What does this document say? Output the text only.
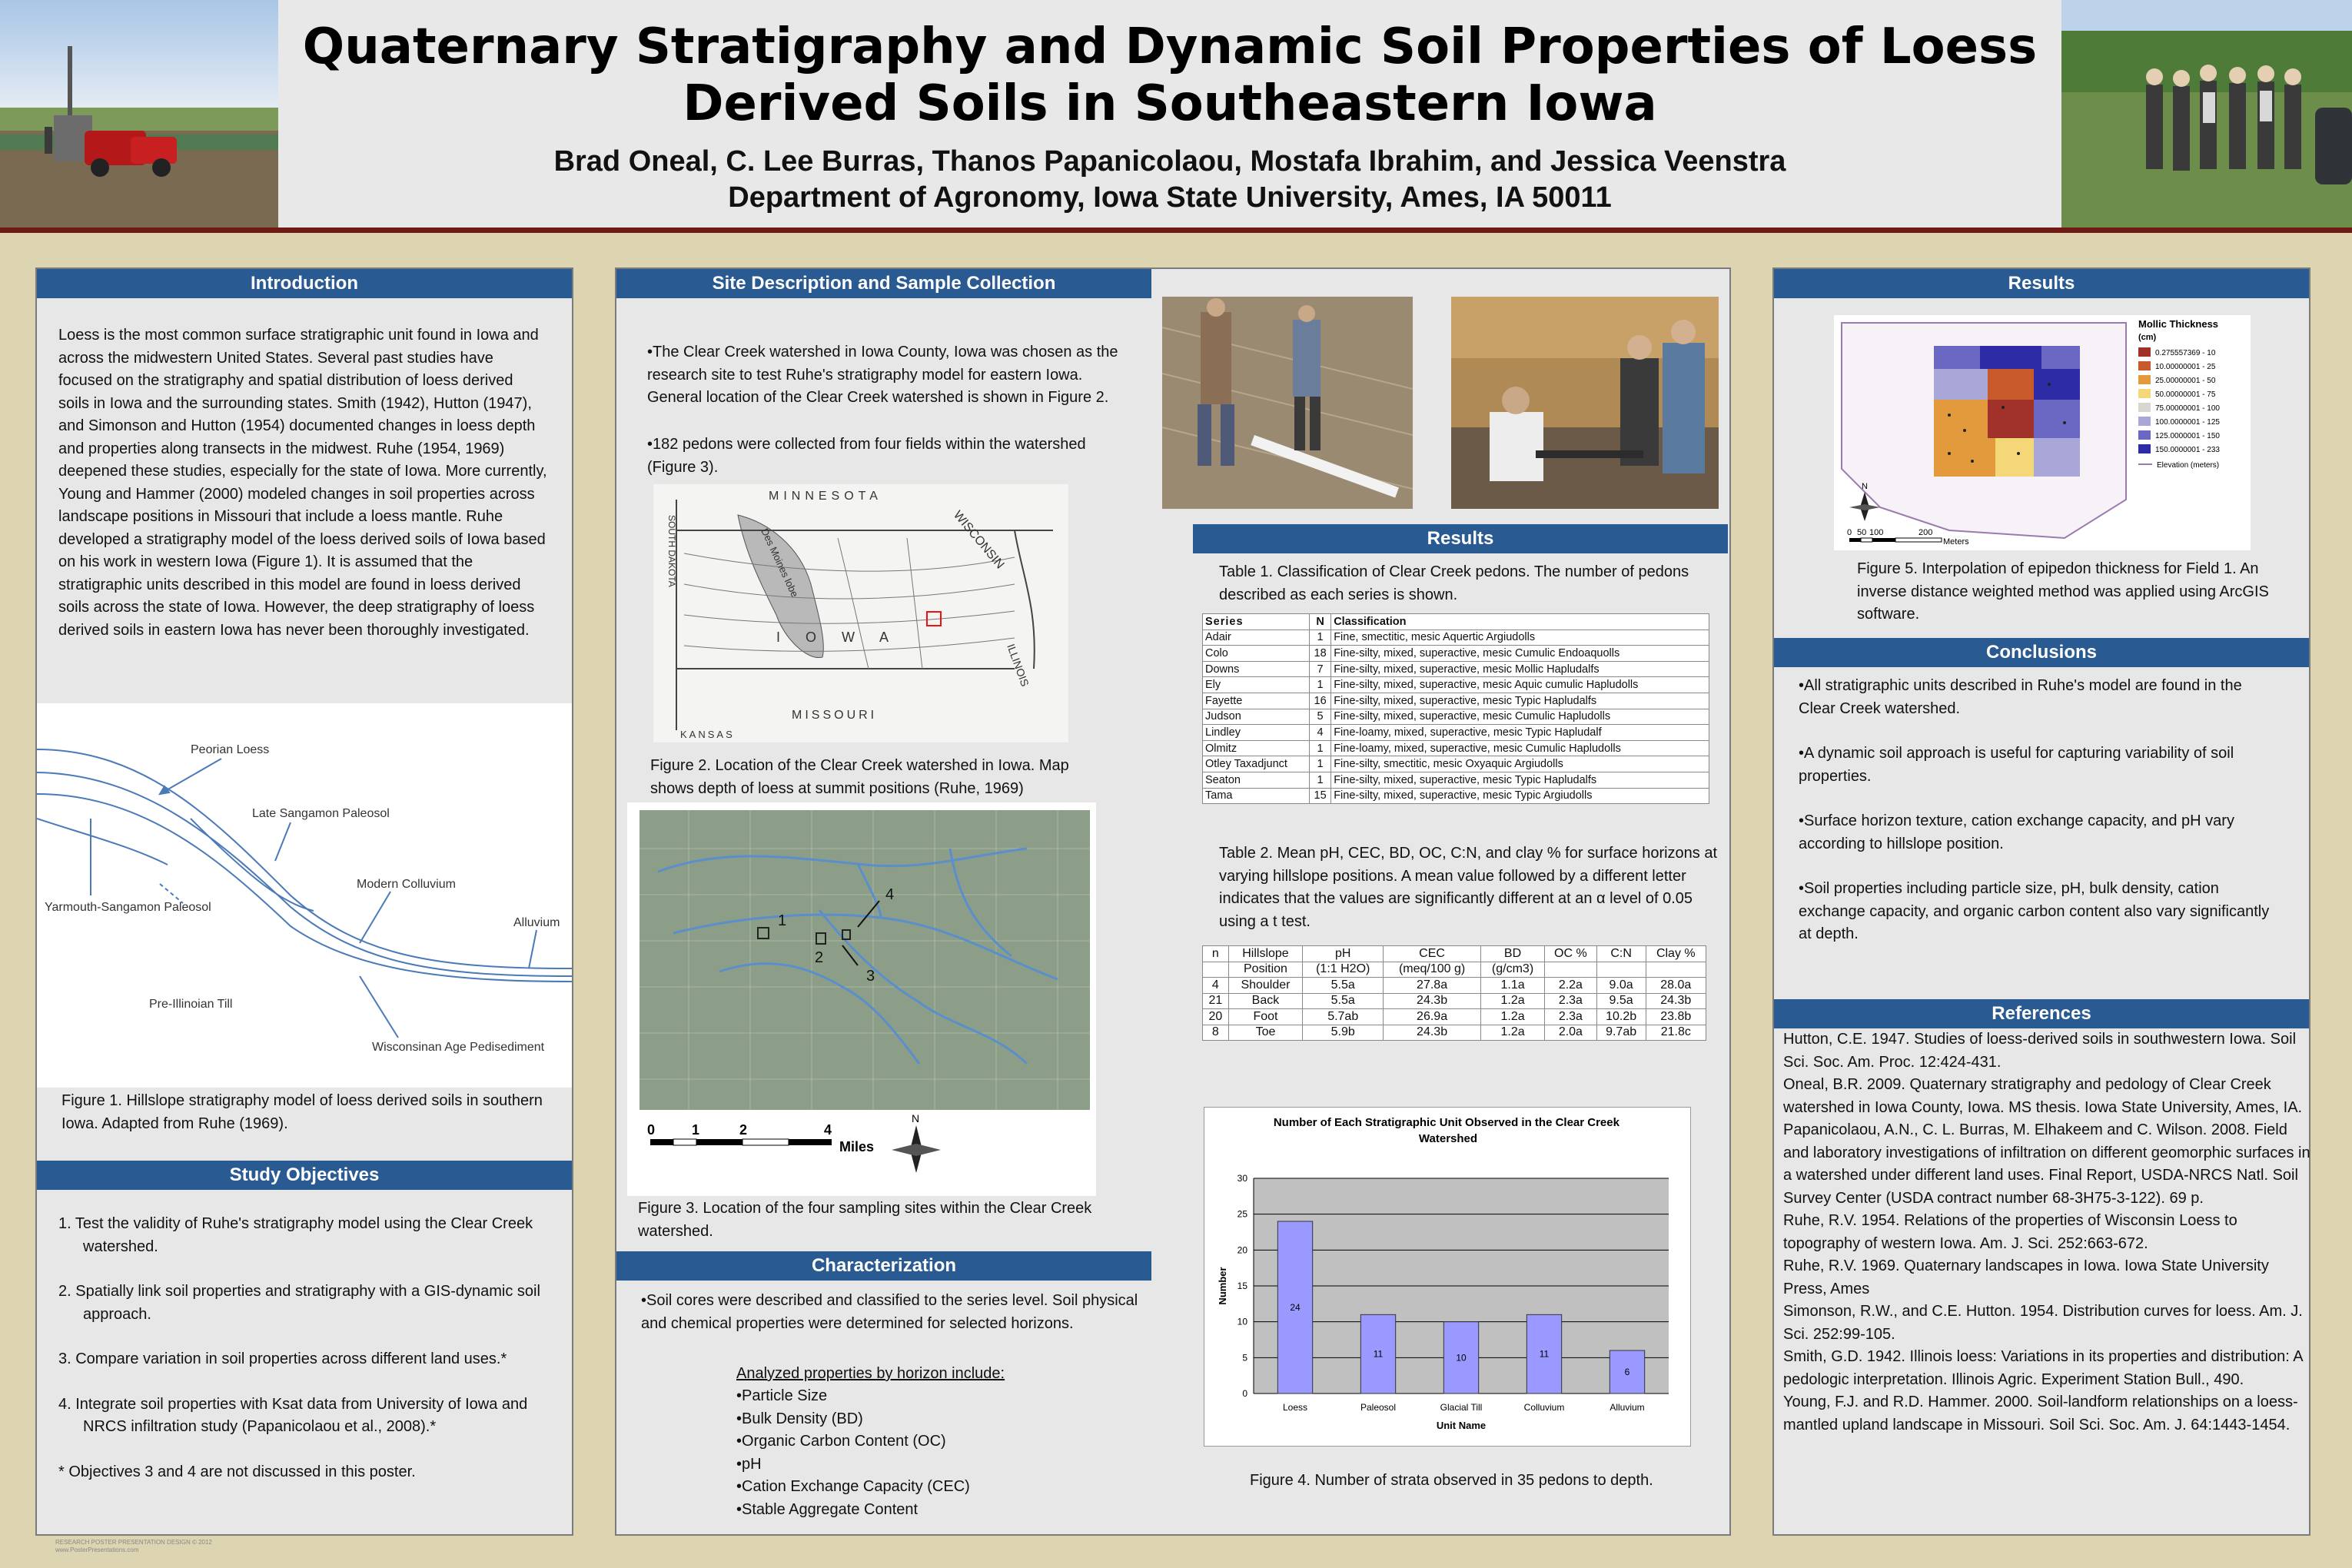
Quaternary Stratigraphy and Dynamic Soil Properties of Loess
Derived Soils in Southeastern Iowa
Brad Oneal, C. Lee Burras, Thanos Papanicolaou, Mostafa Ibrahim, and Jessica Veenstra
Department of Agronomy, Iowa State University, Ames, IA 50011
Introduction
Loess is the most common surface stratigraphic unit found in Iowa and across the midwestern United States. Several past studies have focused on the stratigraphy and spatial distribution of loess derived soils in Iowa and the surrounding states. Smith (1942), Hutton (1947), and Simonson and Hutton (1954) documented changes in loess depth and properties along transects in the midwest. Ruhe (1954, 1969) deepened these studies, especially for the state of Iowa. More currently, Young and Hammer (2000) modeled changes in soil properties across landscape positions in Missouri that include a loess mantle. Ruhe developed a stratigraphy model of the loess derived soils of Iowa based on his work in western Iowa (Figure 1). It is assumed that the stratigraphic units described in this model are found in loess derived soils across the state of Iowa. However, the deep stratigraphy of loess derived soils in eastern Iowa has never been thoroughly investigated.
Peorian Loess
Late Sangamon Paleosol
Modern Colluvium
Yarmouth-Sangamon Paleosol
Alluvium
Pre-Illinoian Till
Wisconsinan Age Pedisediment
Figure 1. Hillslope stratigraphy model of loess derived soils in southern Iowa. Adapted from Ruhe (1969).
Study Objectives
1. Test the validity of Ruhe's stratigraphy model using the Clear Creek watershed.
2. Spatially link soil properties and stratigraphy with a GIS-dynamic soil approach.
3. Compare variation in soil properties across different land uses.*
4. Integrate soil properties with Ksat data from University of Iowa and NRCS infiltration study (Papanicolaou et al., 2008).*
* Objectives 3 and 4 are not discussed in this poster.
RESEARCH POSTER PRESENTATION DESIGN © 2012
www.PosterPresentations.com
Site Description and Sample Collection
•The Clear Creek watershed in Iowa County, Iowa was chosen as the research site to test Ruhe's stratigraphy model for eastern Iowa. General location of the Clear Creek watershed is shown in Figure 2.
•182 pedons were collected from four fields within the watershed (Figure 3).
MINNESOTA
WISCONSIN
I O W A
MISSOURI
KANSAS
ILLINOIS
Des Moines lobe
SOUTH DAKOTA
Figure 2. Location of the Clear Creek watershed in Iowa. Map shows depth of loess at summit positions (Ruhe, 1969)
1
2
3
4
0	1	2	4
Miles
N
Figure 3. Location of the four sampling sites within the Clear Creek watershed.
Characterization
•Soil cores were described and classified to the series level. Soil physical and chemical properties were determined for selected horizons.
Analyzed properties by horizon include:
•Particle Size
•Bulk Density (BD)
•Organic Carbon Content (OC)
•pH
•Cation Exchange Capacity (CEC)
•Stable Aggregate Content
Results
Table 1. Classification of Clear Creek pedons. The number of pedons described as each series is shown.
Series	N	Classification
Adair	1	Fine, smectitic, mesic Aquertic Argiudolls
Colo	18	Fine-silty, mixed, superactive, mesic Cumulic Endoaquolls
Downs	7	Fine-silty, mixed, superactive, mesic Mollic Hapludalfs
Ely	1	Fine-silty, mixed, superactive, mesic Aquic cumulic Hapludolls
Fayette	16	Fine-silty, mixed, superactive, mesic Typic Hapludalfs
Judson	5	Fine-silty, mixed, superactive, mesic Cumulic Hapludolls
Lindley	4	Fine-loamy, mixed, superactive, mesic Typic Hapludalf
Olmitz	1	Fine-loamy, mixed, superactive, mesic Cumulic Hapludolls
Otley Taxadjunct	1	Fine-silty, smectitic, mesic Oxyaquic Argiudolls
Seaton	1	Fine-silty, mixed, superactive, mesic Typic Hapludalfs
Tama	15	Fine-silty, mixed, superactive, mesic Typic Argiudolls
Table 2. Mean pH, CEC, BD, OC, C:N, and clay % for surface horizons at varying hillslope positions. A mean value followed by a different letter indicates that the values are significantly different at an α level of 0.05 using a t test.
n	Hillslope	pH	CEC	BD	OC %	C:N	Clay %
	Position	(1:1 H2O)	(meq/100 g)	(g/cm3)			
4	Shoulder	5.5a	27.8a	1.1a	2.2a	9.0a	28.0a
21	Back	5.5a	24.3b	1.2a	2.3a	9.5a	24.3b
20	Foot	5.7ab	26.9a	1.2a	2.3a	10.2b	23.8b
8	Toe	5.9b	24.3b	1.2a	2.0a	9.7ab	21.8c
Number of Each Stratigraphic Unit Observed in the Clear Creek Watershed
24
11	10	11
6
0
5
10
15
20
25
30
Loess	Paleosol	Glacial Till	Colluvium	Alluvium
Unit Name
Number
Figure 4. Number of strata observed in 35 pedons to depth.
Results
Mollic Thickness
(cm)
0.275557369 - 10
10.00000001 - 25
25.00000001 - 50
50.00000001 - 75
75.00000001 - 100
100.0000001 - 125
125.0000001 - 150
150.0000001 - 233
Elevation (meters)
N
0 50 100	200
Meters
Figure 5. Interpolation of epipedon thickness for Field 1. An inverse distance weighted method was applied using ArcGIS software.
Conclusions
•All stratigraphic units described in Ruhe's model are found in the Clear Creek watershed.
•A dynamic soil approach is useful for capturing variability of soil properties.
•Surface horizon texture, cation exchange capacity, and pH vary according to hillslope position.
•Soil properties including particle size, pH, bulk density, cation exchange capacity, and organic carbon content also vary significantly at depth.
References
Hutton, C.E. 1947. Studies of loess-derived soils in southwestern Iowa. Soil Sci. Soc. Am. Proc. 12:424-431.
Oneal, B.R. 2009. Quaternary stratigraphy and pedology of Clear Creek watershed in Iowa County, Iowa. MS thesis. Iowa State University, Ames, IA.
Papanicolaou, A.N., C. L. Burras, M. Elhakeem and C. Wilson. 2008. Field and laboratory investigations of infiltration on different geomorphic surfaces in a watershed under different land uses. Final Report, USDA-NRCS Natl. Soil Survey Center (USDA contract number 68-3H75-3-122). 69 p.
Ruhe, R.V. 1954. Relations of the properties of Wisconsin Loess to topography of western Iowa. Am. J. Sci. 252:663-672.
Ruhe, R.V. 1969. Quaternary landscapes in Iowa. Iowa State University Press, Ames
Simonson, R.W., and C.E. Hutton. 1954. Distribution curves for loess. Am. J. Sci. 252:99-105.
Smith, G.D. 1942. Illinois loess: Variations in its properties and distribution: A pedologic interpretation. Illinois Agric. Experiment Station Bull., 490.
Young, F.J. and R.D. Hammer. 2000. Soil-landform relationships on a loess-mantled upland landscape in Missouri. Soil Sci. Soc. Am. J. 64:1443-1454.
